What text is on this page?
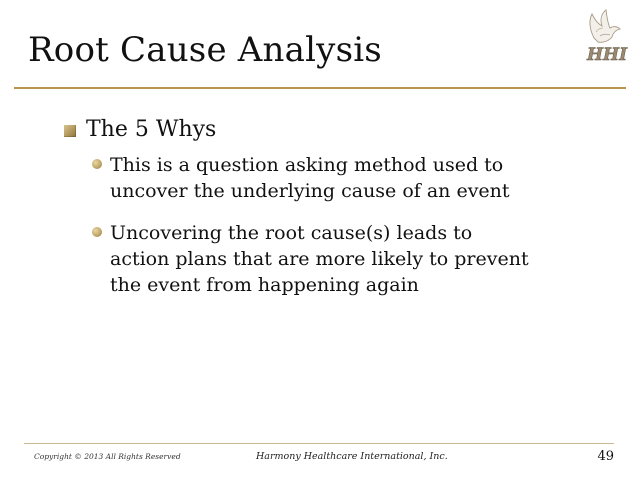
Root Cause Analysis	HHI
The 5 Whys
This is a question asking method used to
uncover the underlying cause of an event
Uncovering the root cause(s) leads to
action plans that are more likely to prevent
the event from happening again
Copyright © 2013 All Rights Reserved	Harmony Healthcare International, Inc.	49
